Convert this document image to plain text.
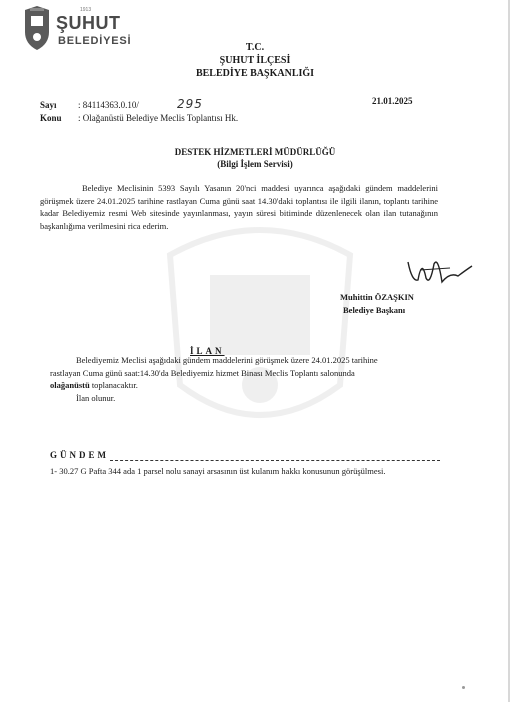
1913
ŞUHUT
BELEDİYESİ
T.C.
ŞUHUT İLÇESİ
BELEDİYE BAŞKANLIĞI
Sayı : 84114363.0.10/	295	21.01.2025
Konu : Olağanüstü Belediye Meclis Toplantısı Hk.
DESTEK HİZMETLERİ MÜDÜRLÜĞÜ
(Bilgi İşlem Servisi)

Belediye Meclisinin 5393 Sayılı Yasanın 20'nci maddesi uyarınca aşağıdaki gündem maddelerini görüşmek üzere 24.01.2025 tarihine rastlayan Cuma günü saat 14.30'daki toplantısı ile ilgili ilanın, toplantı tarihine kadar Belediyemiz resmi Web sitesinde yayınlanması, yayın süresi bitiminde düzenlenecek olan ilan tutanağının başkanlığıma verilmesini rica ederim.

Muhittin ÖZAŞKIN
Belediye Başkanı
İLAN

Belediyemiz Meclisi aşağıdaki gündem maddelerini görüşmek üzere 24.01.2025 tarihine rastlayan Cuma günü saat:14.30'da Belediyemiz hizmet Binası Meclis Toplantı salonunda olağanüstü toplanacaktır.

İlan olunur.
GÜNDEM
1- 30.27 G Pafta 344 ada 1 parsel nolu sanayi arsasının üst kulanım hakkı konusunun görüşülmesi.
